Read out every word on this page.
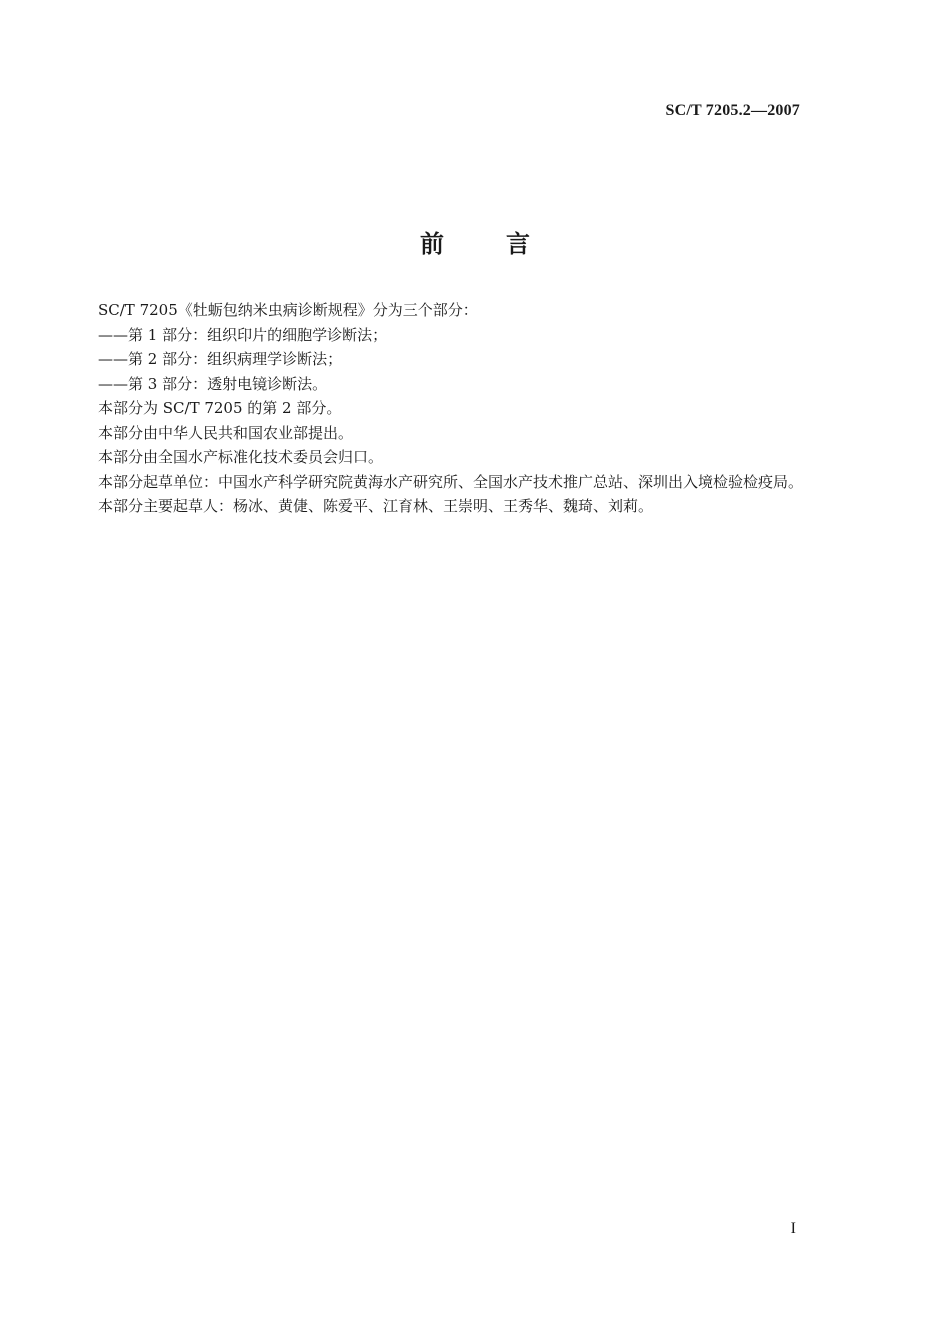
SC/T 7205.2—2007
前	言

SC/T 7205《牡蛎包纳米虫病诊断规程》分为三个部分：

——第 1 部分：组织印片的细胞学诊断法；

——第 2 部分：组织病理学诊断法；

——第 3 部分：透射电镜诊断法。

本部分为 SC/T 7205 的第 2 部分。

本部分由中华人民共和国农业部提出。

本部分由全国水产标准化技术委员会归口。

本部分起草单位：中国水产科学研究院黄海水产研究所、全国水产技术推广总站、深圳出入境检验检疫局。

本部分主要起草人：杨冰、黄倢、陈爱平、江育林、王崇明、王秀华、魏琦、刘莉。

I
